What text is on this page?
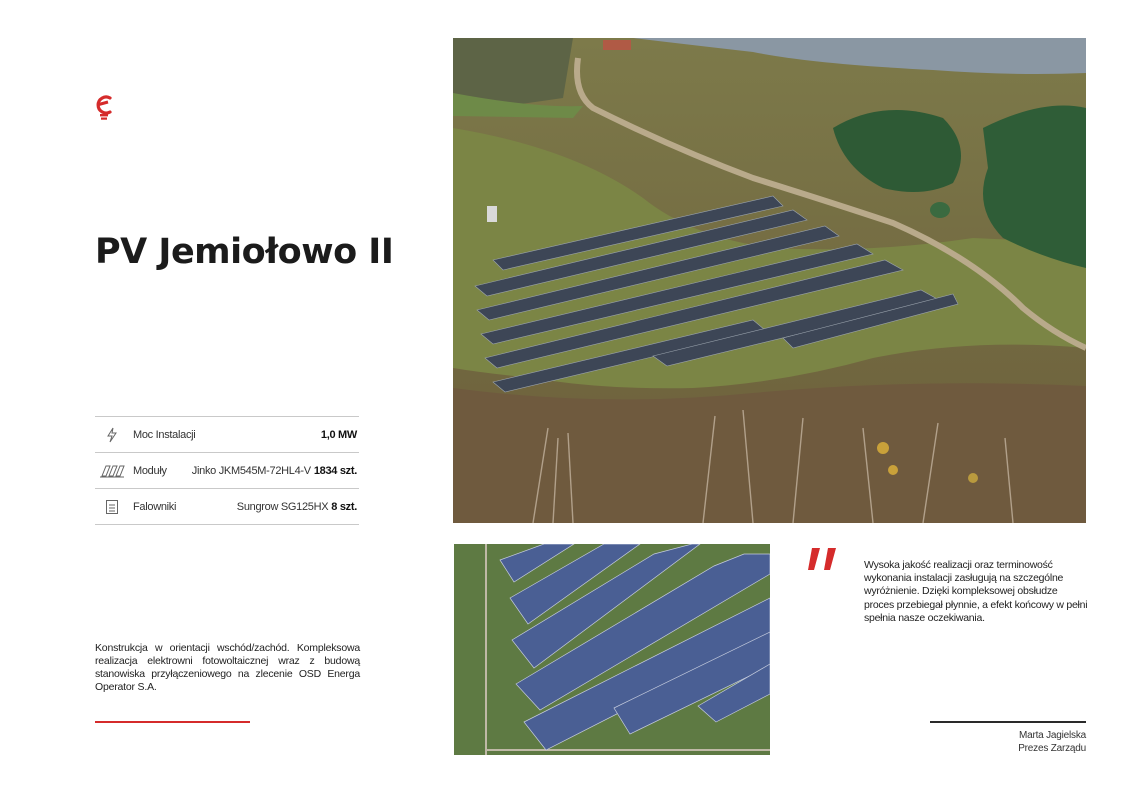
PV Jemiołowo II
Moc Instalacji	1,0 MW
Moduły Jinko JKM545M-72HL4-V 1834 szt.
Falowniki	Sungrow SG125HX 8 szt.

Konstrukcja w orientacji wschód/zachód. Kompleksowa realizacja elektrowni fotowoltaicznej wraz z budową stanowiska przyłączeniowego na zlecenie OSD Energa Operator S.A.

Wysoka jakość realizacji oraz terminowość wykonania instalacji zasługują na szczególne wyróżnienie. Dzięki kompleksowej obsłudze proces przebiegał płynnie, a efekt końcowy w pełni spełnia nasze oczekiwania.

Marta Jagielska
Prezes Zarządu
